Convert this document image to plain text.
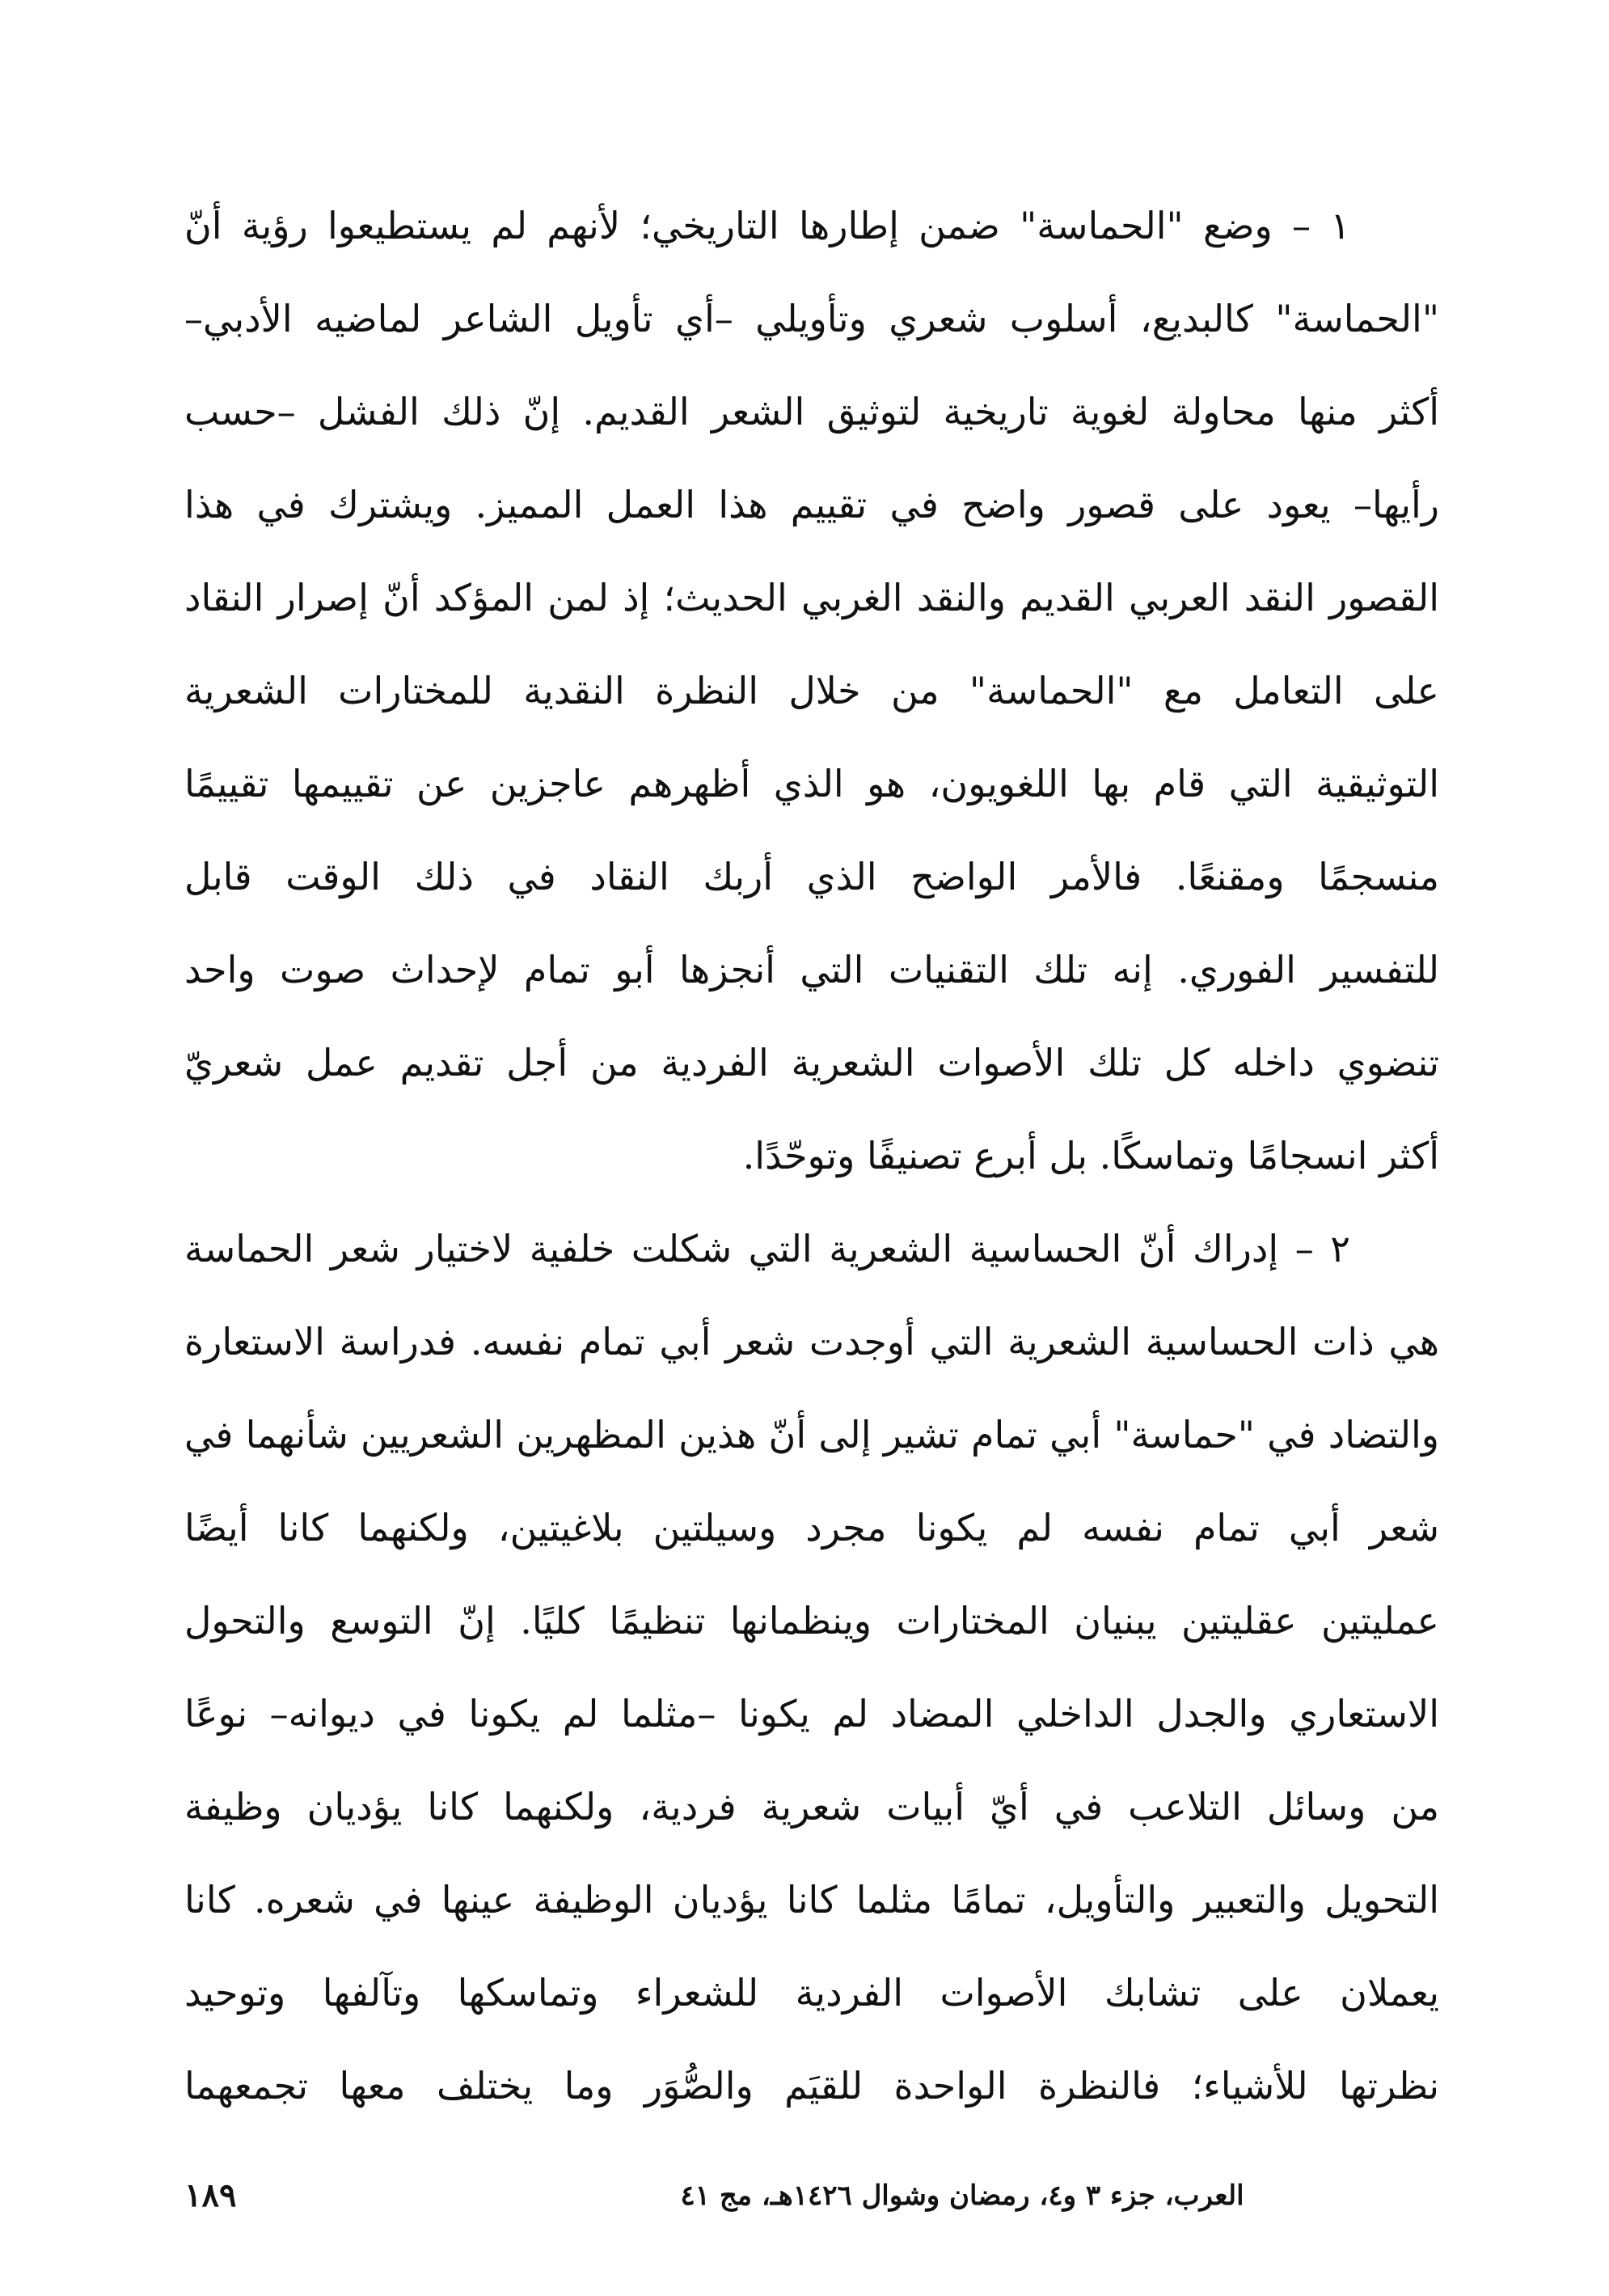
١ – وضع "الحماسة" ضمن إطارها التاريخي؛ لأنهم لم يستطيعوا رؤية أنّ
"الحماسة" كالبديع، أسلوب شعري وتأويلي –أي تأويل الشاعر لماضيه الأدبي–
أكثر منها محاولة لغوية تاريخية لتوثيق الشعر القديم. إنّ ذلك الفشل –حسب
رأيها– يعود على قصور واضح في تقييم هذا العمل المميز. ويشترك في هذا
القصور النقد العربي القديم والنقد الغربي الحديث؛ إذ لمن المؤكد أنّ إصرار النقاد
على التعامل مع "الحماسة" من خلال النظرة النقدية للمختارات الشعرية
التوثيقية التي قام بها اللغويون، هو الذي أظهرهم عاجزين عن تقييمها تقييمًا
منسجمًا ومقنعًا. فالأمر الواضح الذي أربك النقاد في ذلك الوقت قابل
للتفسير الفوري. إنه تلك التقنيات التي أنجزها أبو تمام لإحداث صوت واحد
تنضوي داخله كل تلك الأصوات الشعرية الفردية من أجل تقديم عمل شعريّ
أكثر انسجامًا وتماسكًا. بل أبرع تصنيفًا وتوحّدًا.
٢ – إدراك أنّ الحساسية الشعرية التي شكلت خلفية لاختيار شعر الحماسة
هي ذات الحساسية الشعرية التي أوجدت شعر أبي تمام نفسه. فدراسة الاستعارة
والتضاد في "حماسة" أبي تمام تشير إلى أنّ هذين المظهرين الشعريين شأنهما في
شعر أبي تمام نفسه لم يكونا مجرد وسيلتين بلاغيتين، ولكنهما كانا أيضًا
عمليتين عقليتين يبنيان المختارات وينظمانها تنظيمًا كليًا. إنّ التوسع والتحول
الاستعاري والجدل الداخلي المضاد لم يكونا –مثلما لم يكونا في ديوانه– نوعًا
من وسائل التلاعب في أيّ أبيات شعرية فردية، ولكنهما كانا يؤديان وظيفة
التحويل والتعبير والتأويل، تمامًا مثلما كانا يؤديان الوظيفة عينها في شعره. كانا
يعملان على تشابك الأصوات الفردية للشعراء وتماسكها وتآلفها وتوحيد
نظرتها للأشياء؛ فالنظرة الواحدة للقيَم والصُّوَر وما يختلف معها تجمعهما
العرب، جزء ٣ و٤، رمضان وشوال ١٤٢٦هـ، مج ٤١
١٨٩
